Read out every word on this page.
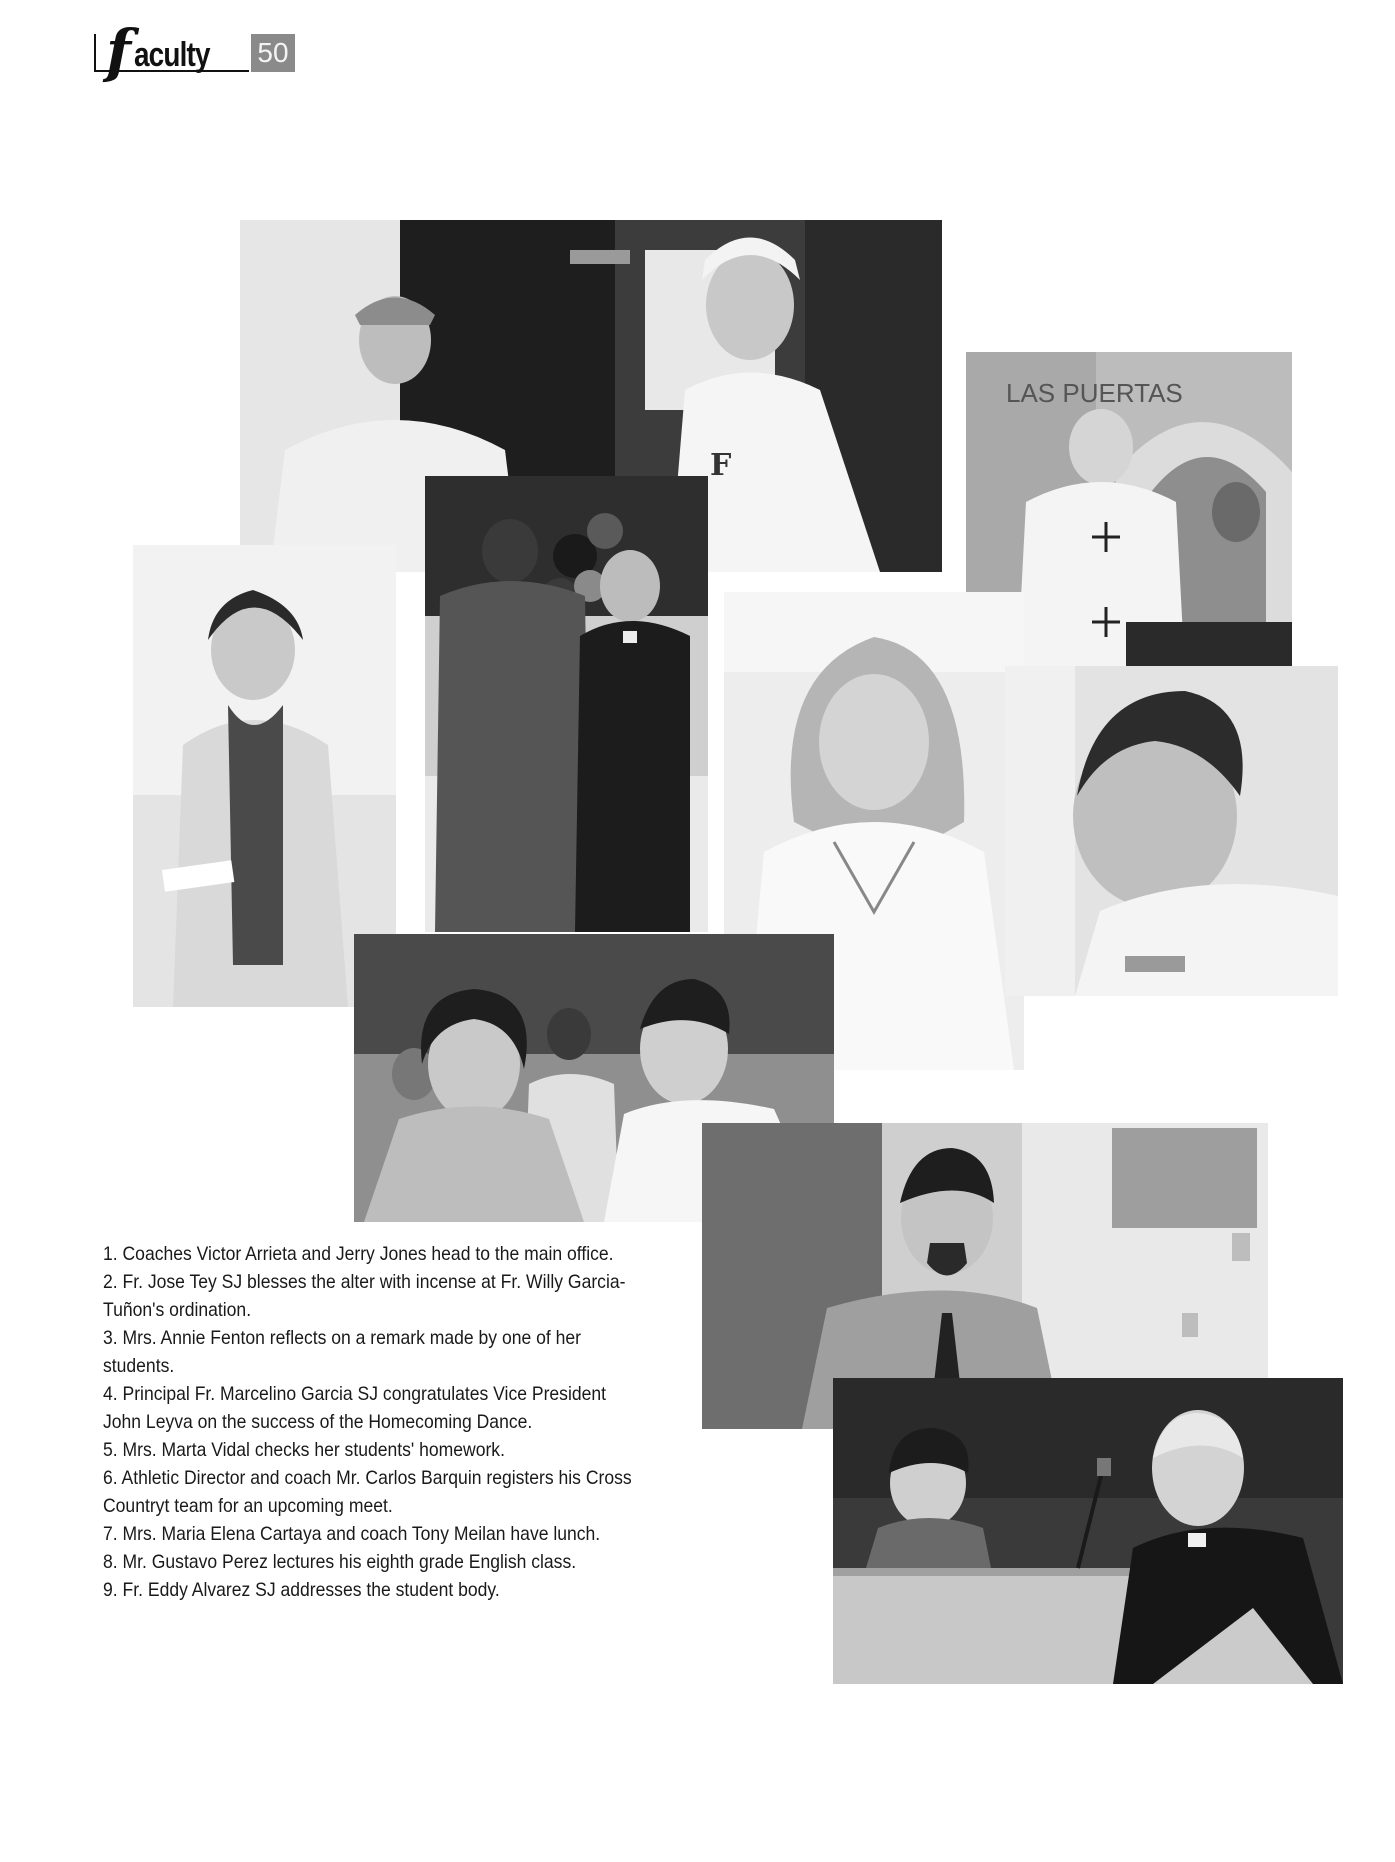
f aculty 50
F
LAS PUERTAS

1. Coaches Victor Arrieta and Jerry Jones head to the main office.

2. Fr. Jose Tey SJ blesses the alter with incense at Fr. Willy Garcia-Tuñon's ordination.

3. Mrs. Annie Fenton reflects on a remark made by one of her students.

4. Principal Fr. Marcelino Garcia SJ congratulates Vice President John Leyva on the success of the Homecoming Dance.

5. Mrs. Marta Vidal checks her students' homework.

6. Athletic Director and coach Mr. Carlos Barquin registers his Cross Countryt team for an upcoming meet.

7. Mrs. Maria Elena Cartaya and coach Tony Meilan have lunch.

8. Mr. Gustavo Perez lectures his eighth grade English class.

9. Fr. Eddy Alvarez SJ addresses the student body.
